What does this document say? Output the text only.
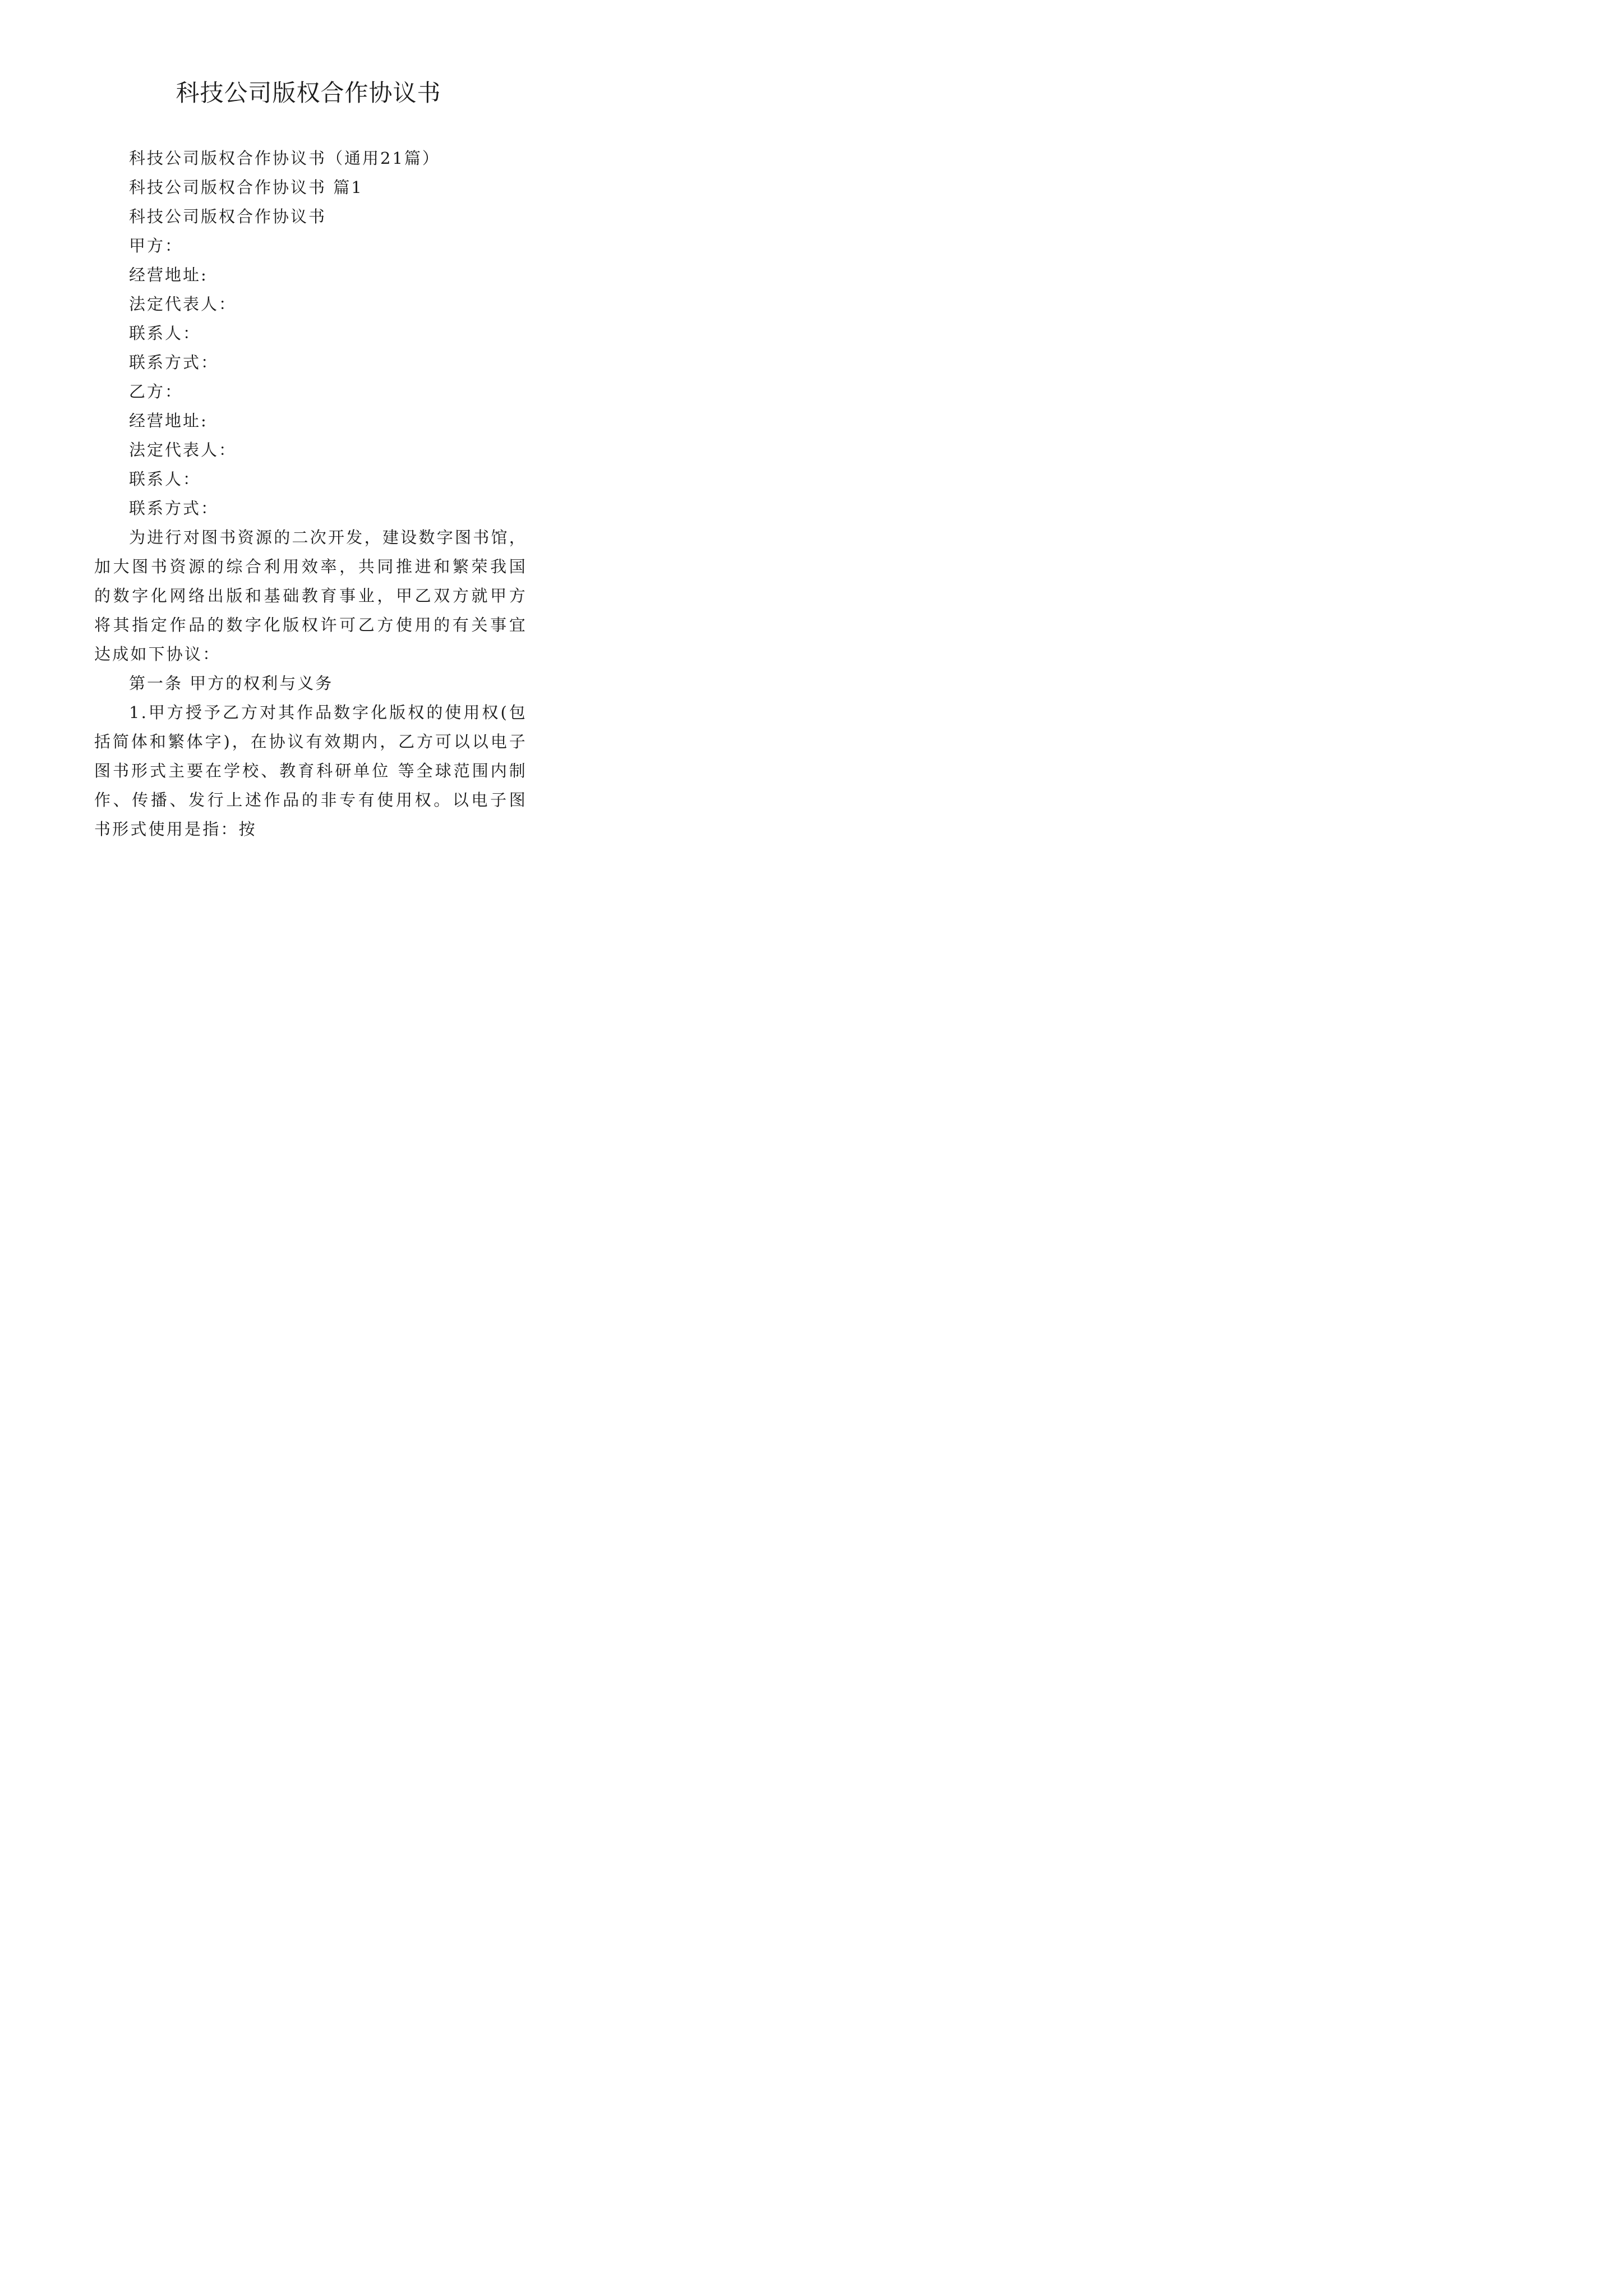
科技公司版权合作协议书
科技公司版权合作协议书（通用21篇）
科技公司版权合作协议书 篇1
科技公司版权合作协议书
甲方：
经营地址:
法定代表人：
联系人：
联系方式：
乙方：
经营地址:
法定代表人：
联系人：
联系方式：

为进行对图书资源的二次开发，建设数字图书馆，加大图书资源的综合利用效率，共同推进和繁荣我国的数字化网络出版和基础教育事业，甲乙双方就甲方将其指定作品的数字化版权许可乙方使用的有关事宜达成如下协议：

第一条 甲方的权利与义务

1.甲方授予乙方对其作品数字化版权的使用权(包括简体和繁体字)，在协议有效期内，乙方可以以电子图书形式主要在学校、教育科研单位 等全球范围内制作、传播、发行上述作品的非专有使用权。以电子图书形式使用是指：按
